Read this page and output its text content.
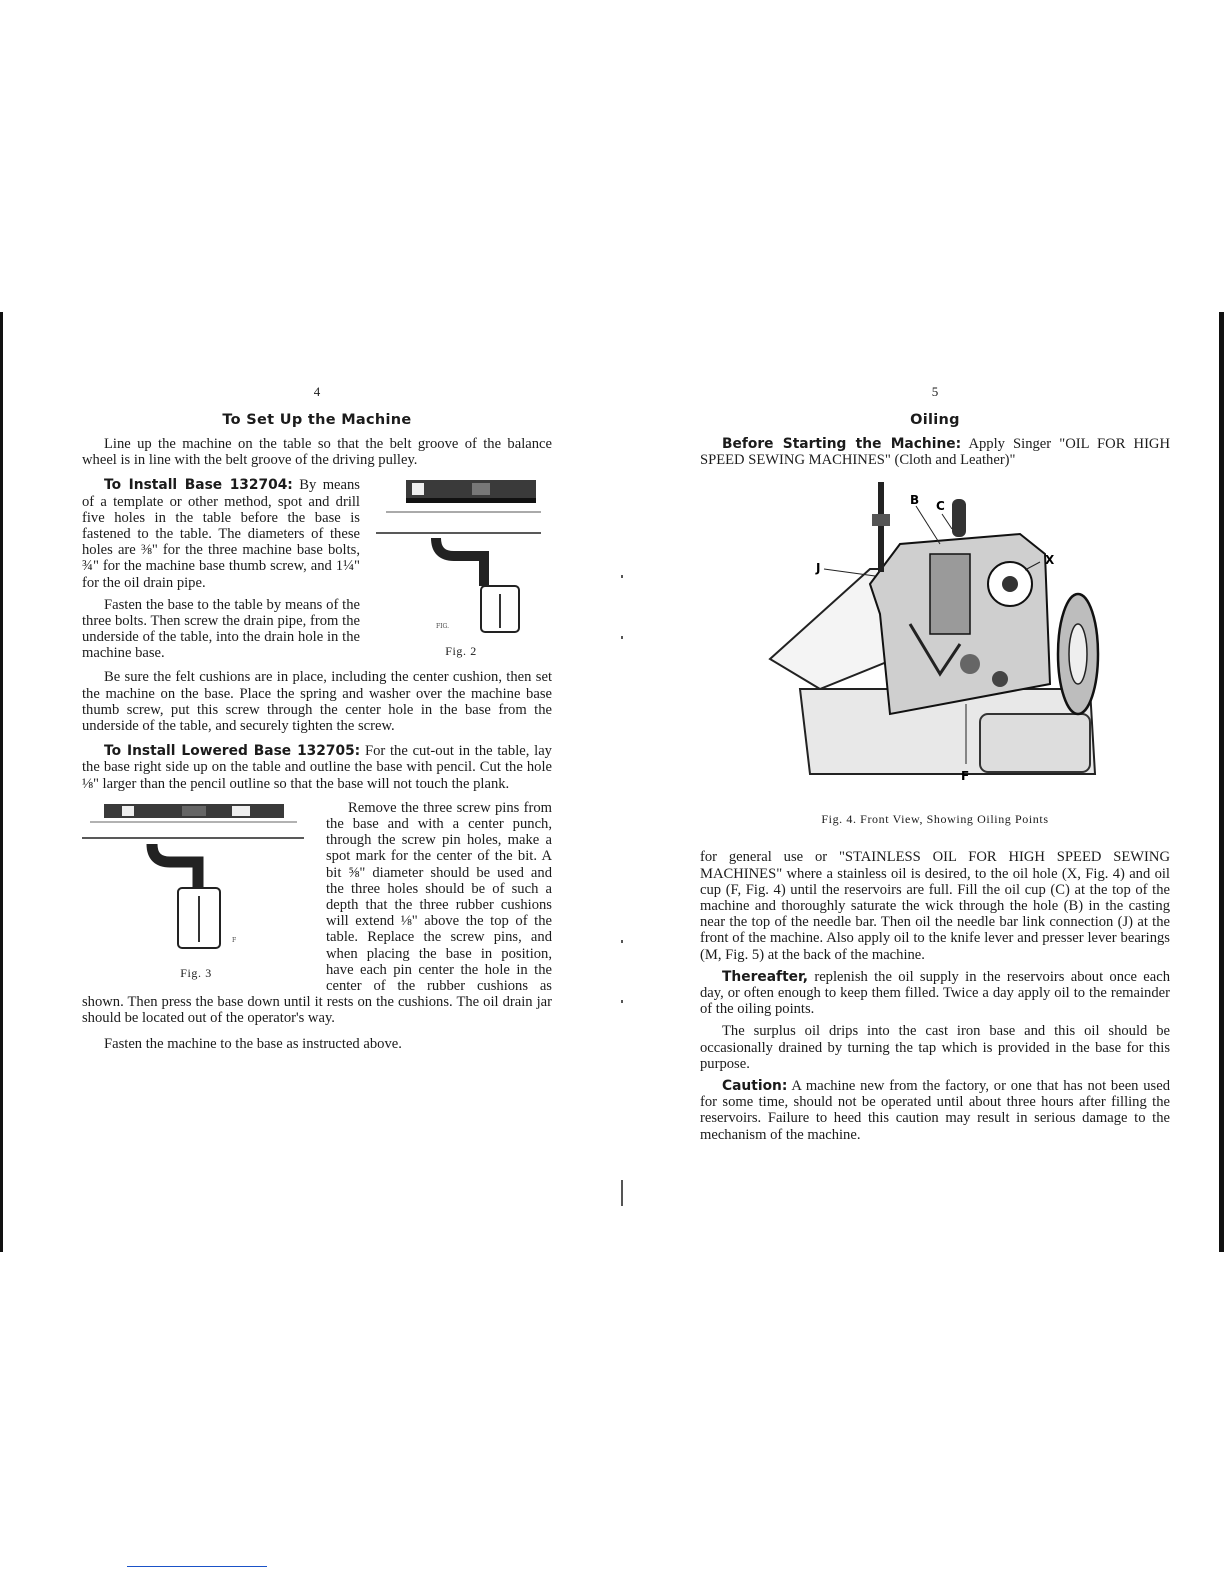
4
To Set Up the Machine

Line up the machine on the table so that the belt groove of the balance wheel is in line with the belt groove of the driving pulley.

FIG.
Fig. 2

To Install Base 132704: By means of a template or other method, spot and drill five holes in the table before the base is fastened to the table. The diameters of these holes are ⅜" for the three machine base bolts, ¾" for the machine base thumb screw, and 1¼" for the oil drain pipe.

Fasten the base to the table by means of the three bolts. Then screw the drain pipe, from the underside of the table, into the drain hole in the machine base.

Be sure the felt cushions are in place, including the center cushion, then set the machine on the base. Place the spring and washer over the machine base thumb screw, put this screw through the center hole in the base from the underside of the table, and securely tighten the screw.

To Install Lowered Base 132705: For the cut-out in the table, lay the base right side up on the table and outline the base with pencil. Cut the hole ⅛" larger than the pencil outline so that the base will not touch the plank.

F
Fig. 3

Remove the three screw pins from the base and with a center punch, through the screw pin holes, make a spot mark for the center of the bit. A bit ⅝" diameter should be used and the three holes should be of such a depth that the three rubber cushions will extend ⅛" above the top of the table. Replace the screw pins, and when placing the base in position, have each pin center the hole in the center of the rubber cushions as shown. Then press the base down until it rests on the cushions. The oil drain jar should be located out of the operator's way.

Fasten the machine to the base as instructed above.

5
Oiling

Before Starting the Machine: Apply Singer "OIL FOR HIGH SPEED SEWING MACHINES" (Cloth and Leather)"

B C
X
J
F
Fig. 4. Front View, Showing Oiling Points

for general use or "STAINLESS OIL FOR HIGH SPEED SEWING MACHINES" where a stainless oil is desired, to the oil hole (X, Fig. 4) and oil cup (F, Fig. 4) until the reservoirs are full. Fill the oil cup (C) at the top of the machine and thoroughly saturate the wick through the hole (B) in the casting near the top of the needle bar. Then oil the needle bar link connection (J) at the front of the machine. Also apply oil to the knife lever and presser lever bearings (M, Fig. 5) at the back of the machine.

Thereafter, replenish the oil supply in the reservoirs about once each day, or often enough to keep them filled. Twice a day apply oil to the remainder of the oiling points.

The surplus oil drips into the cast iron base and this oil should be occasionally drained by turning the tap which is provided in the base for this purpose.

Caution: A machine new from the factory, or one that has not been used for some time, should not be operated until about three hours after filling the reservoirs. Failure to heed this caution may result in serious damage to the mechanism of the machine.
